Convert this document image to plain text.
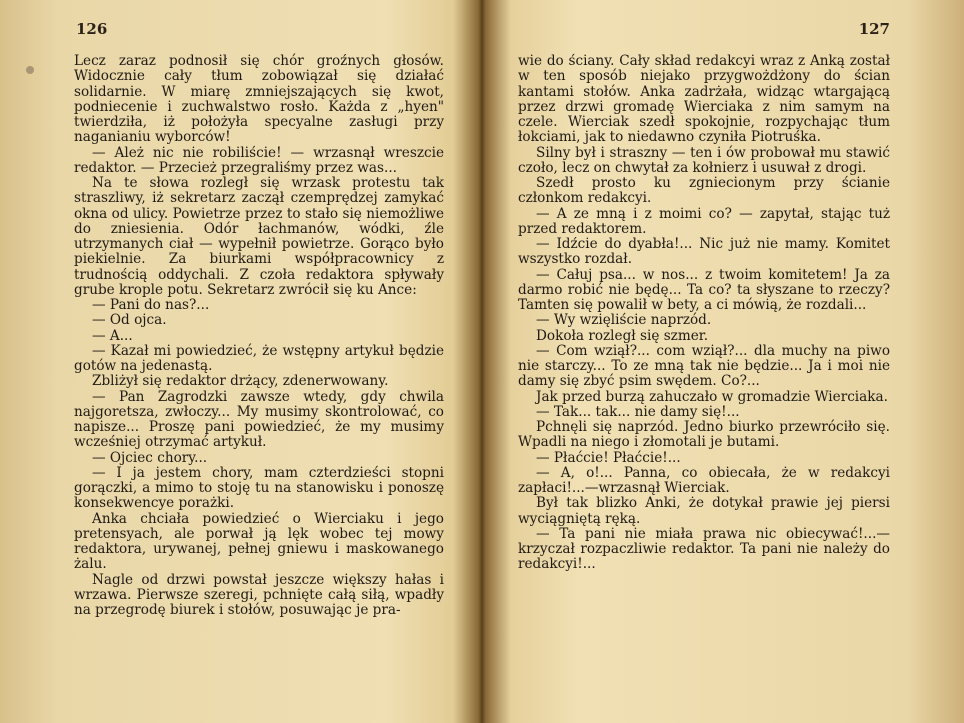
126

Lecz zaraz podnosił się chór groźnych głosów. Widocznie cały tłum zobowiązał się działać solidarnie. W miarę zmniejszających się kwot, podniecenie i zuchwalstwo rosło. Każda z „hyen" twierdziła, iż położyła specyalne zasługi przy naganianiu wyborców!

— Ależ nic nie robiliście! — wrzasnął wreszcie redaktor. — Przecież przegraliśmy przez was...

Na te słowa rozległ się wrzask protestu tak straszliwy, iż sekretarz zaczął czemprędzej zamykać okna od ulicy. Powietrze przez to stało się niemożliwe do zniesienia. Odór łachmanów, wódki, źle utrzymanych ciał — wypełnił powietrze. Gorąco było piekielnie. Za biurkami współpracownicy z trudnością oddychali. Z czoła redaktora spływały grube krople potu. Sekretarz zwrócił się ku Ance:

— Pani do nas?...

— Od ojca.

— A...

— Kazał mi powiedzieć, że wstępny artykuł będzie gotów na jedenastą.

Zbliżył się redaktor drżący, zdenerwowany.

— Pan Zagrodzki zawsze wtedy, gdy chwila najgoretsza, zwłoczy... My musimy skontrolować, co napisze... Proszę pani powiedzieć, że my musimy wcześniej otrzymać artykuł.

— Ojciec chory...

— I ja jestem chory, mam czterdzieści stopni gorączki, a mimo to stoję tu na stanowisku i ponoszę konsekwencye porażki.

Anka chciała powiedzieć o Wierciaku i jego pretensyach, ale porwał ją lęk wobec tej mowy redaktora, urywanej, pełnej gniewu i maskowanego żalu.

Nagle od drzwi powstał jeszcze większy hałas i wrzawa. Pierwsze szeregi, pchnięte całą siłą, wpadły na przegrodę biurek i stołów, posuwając je pra-

127

wie do ściany. Cały skład redakcyi wraz z Anką został w ten sposób niejako przygwożdżony do ścian kantami stołów. Anka zadrżała, widząc wtargającą przez drzwi gromadę Wierciaka z nim samym na czele. Wierciak szedł spokojnie, rozpychając tłum łokciami, jak to niedawno czyniła Piotruśka.

Silny był i straszny — ten i ów probował mu stawić czoło, lecz on chwytał za kołnierz i usuwał z drogi.

Szedł prosto ku zgniecionym przy ścianie członkom redakcyi.

— A ze mną i z moimi co? — zapytał, stając tuż przed redaktorem.

— Idźcie do dyabła!... Nic już nie mamy. Komitet wszystko rozdał.

— Całuj psa... w nos... z twoim komitetem! Ja za darmo robić nie będę... Ta co? ta słyszane to rzeczy? Tamten się powalił w bety, a ci mówią, że rozdali...

— Wy wzięliście naprzód.

Dokoła rozległ się szmer.

— Com wziął?... com wziął?... dla muchy na piwo nie starczy... To ze mną tak nie będzie... Ja i moi nie damy się zbyć psim swędem. Co?...

Jak przed burzą zahuczało w gromadzie Wierciaka.

— Tak... tak... nie damy się!...

Pchnęli się naprzód. Jedno biurko przewróciło się. Wpadli na niego i złomotali je butami.

— Płaćcie! Płaćcie!...

— A, o!... Panna, co obiecała, że w redakcyi zapłaci!...—wrzasnął Wierciak.

Był tak blizko Anki, że dotykał prawie jej piersi wyciągniętą ręką.

— Ta pani nie miała prawa nic obiecywać!...— krzyczał rozpaczliwie redaktor. Ta pani nie należy do redakcyi!...
